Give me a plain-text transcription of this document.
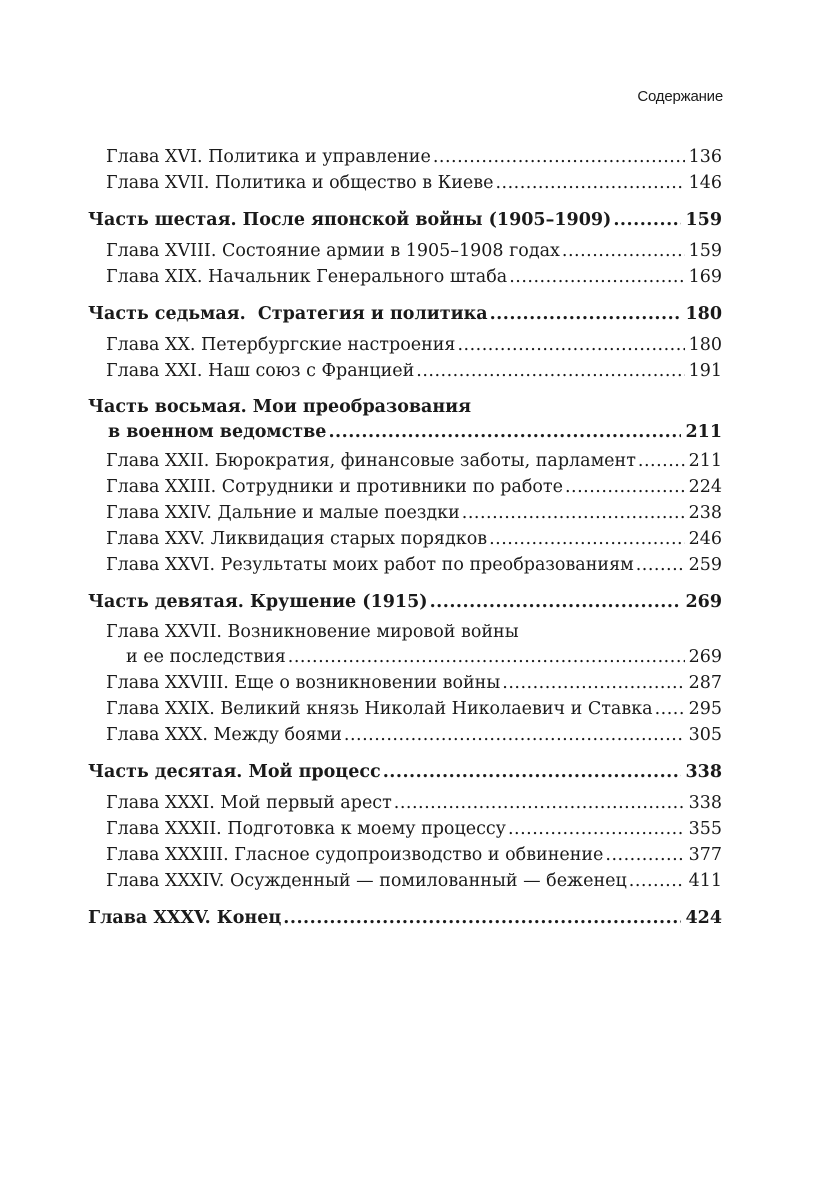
Содержание
Глава XVI. Политика и управление .....	136
Глава XVII. Политика и общество в Киеве .....	146
Часть шестая. После японской войны (1905–1909) .....	159
Глава XVIII. Состояние армии в 1905–1908 годах .....	159
Глава XIX. Начальник Генерального штаба .....	169
Часть седьмая.  Стратегия и политика .....	180
Глава XX. Петербургские настроения .....	180
Глава XXI. Наш союз с Францией .....	191
Часть восьмая. Мои преобразования
в военном ведомстве .....	211
Глава XXII. Бюрократия, финансовые заботы, парламент .....	211
Глава XXIII. Сотрудники и противники по работе .....	224
Глава XXIV. Дальние и малые поездки .....	238
Глава XXV. Ликвидация старых порядков .....	246
Глава XXVI. Результаты моих работ по преобразованиям .....	259
Часть девятая. Крушение (1915) .....	269
Глава XXVII. Возникновение мировой войны
и ее последствия .....	269
Глава XXVIII. Еще о возникновении войны .....	287
Глава XXIX. Великий князь Николай Николаевич и Ставка ..... 295
Глава XXX. Между боями .....	305
Часть десятая. Мой процесс .....	338
Глава XXXI. Мой первый арест .....	338
Глава XXXII. Подготовка к моему процессу .....	355
Глава XXXIII. Гласное судопроизводство и обвинение .....	377
Глава XXXIV. Осужденный — помилованный — беженец .....	411
Глава XXXV. Конец .....	424
